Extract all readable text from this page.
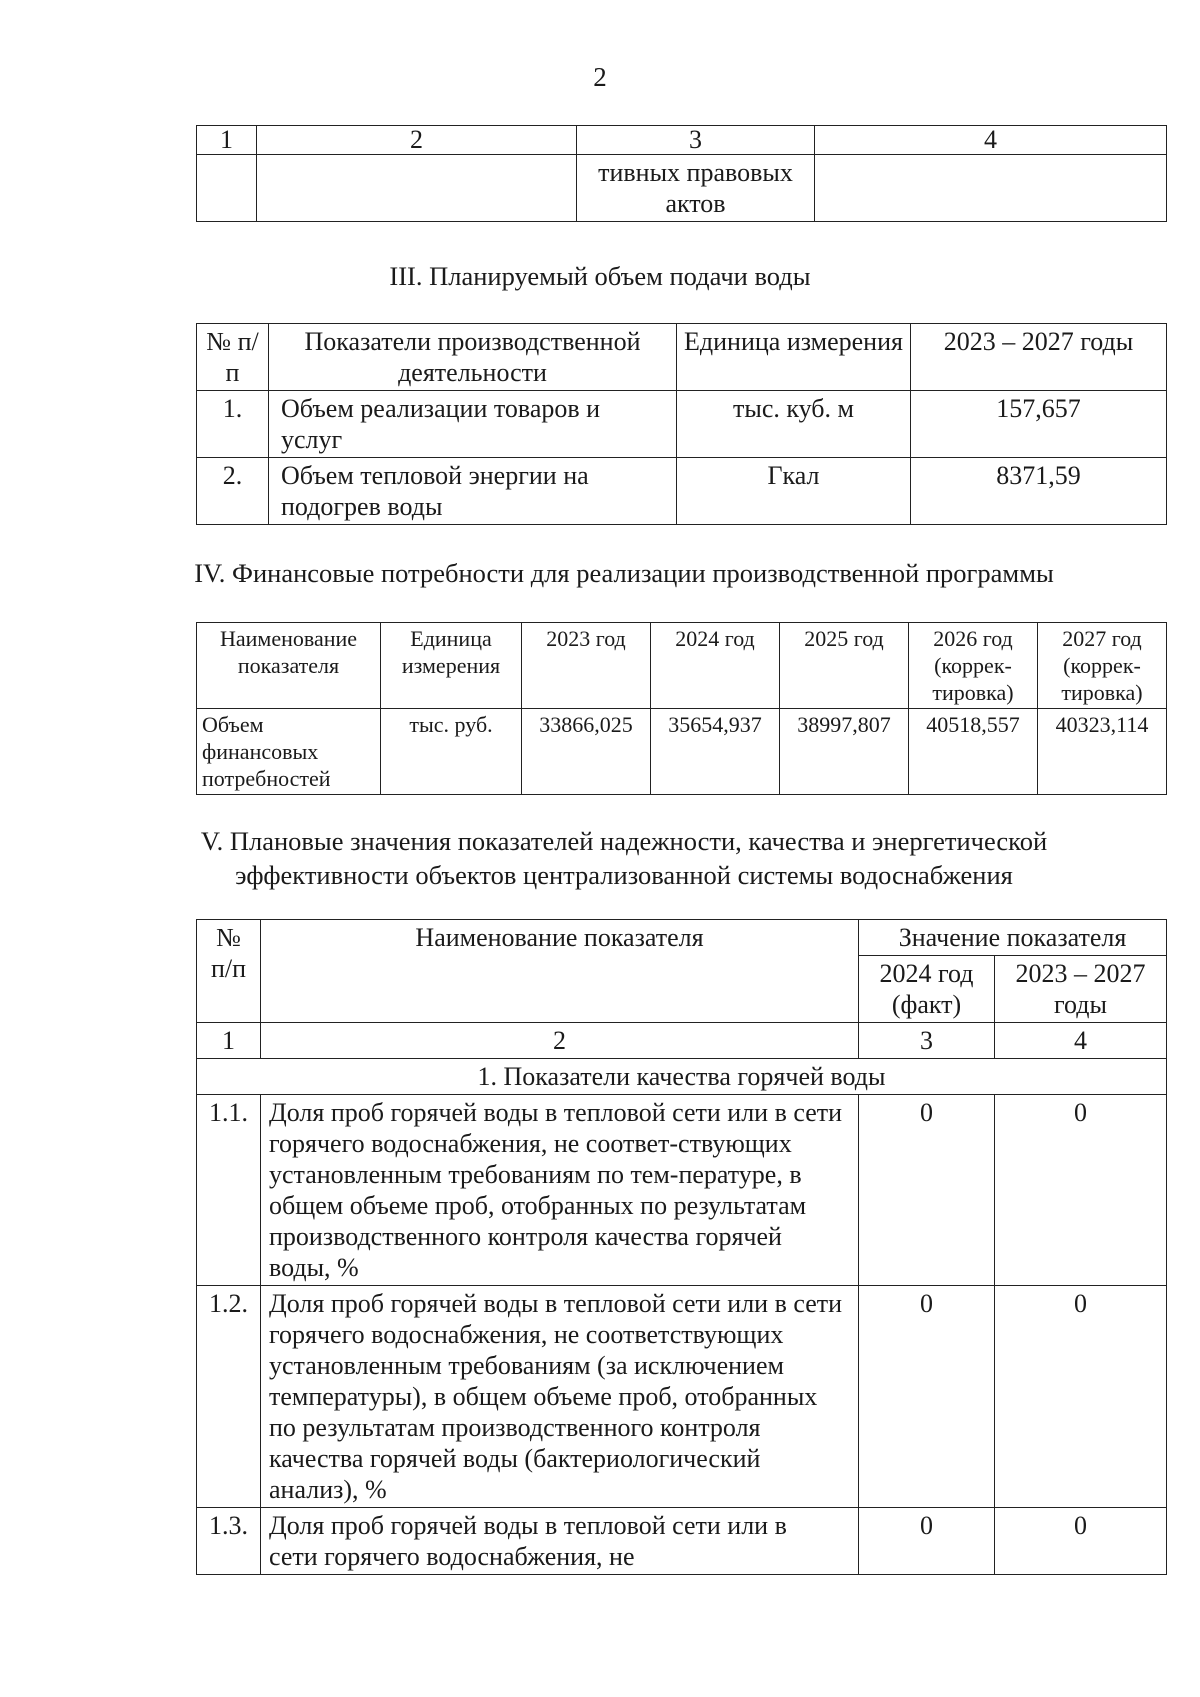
2
1	2	3	4
		тивных правовых актов	
III. Планируемый объем подачи воды
№ п/п	Показатели производственной деятельности	Единица измерения	2023 – 2027 годы
1.	Объем реализации товаров и услуг	тыс. куб. м	157,657
2.	Объем тепловой энергии на подогрев воды	Гкал	8371,59
IV. Финансовые потребности для реализации производственной программы
Наименование показателя	Единица измерения	2023 год	2024 год	2025 год	2026 год (коррек-тировка)	2027 год (коррек-тировка)
Объем финансовых потребностей	тыс. руб.	33866,025	35654,937	38997,807	40518,557	40323,114
V. Плановые значения показателей надежности, качества и энергетической
эффективности объектов централизованной системы водоснабжения
№ п/п	Наименование показателя	Значение показателя	
		2024 год (факт)	2023 – 2027 годы
1	2	3	4
1. Показатели качества горячей воды			
1.1.	Доля проб горячей воды в тепловой сети или в сети горячего водоснабжения, не соответ-ствующих установленным требованиям по тем-пературе, в общем объеме проб, отобранных по результатам производственного контроля качества горячей воды, %	0	0
1.2.	Доля проб горячей воды в тепловой сети или в сети горячего водоснабжения, не соответствующих установленным требованиям (за исключением температуры), в общем объеме проб, отобранных по результатам производственного контроля качества горячей воды (бактериологический анализ), %	0	0
1.3.	Доля проб горячей воды в тепловой сети или в сети горячего водоснабжения, не	0	0
